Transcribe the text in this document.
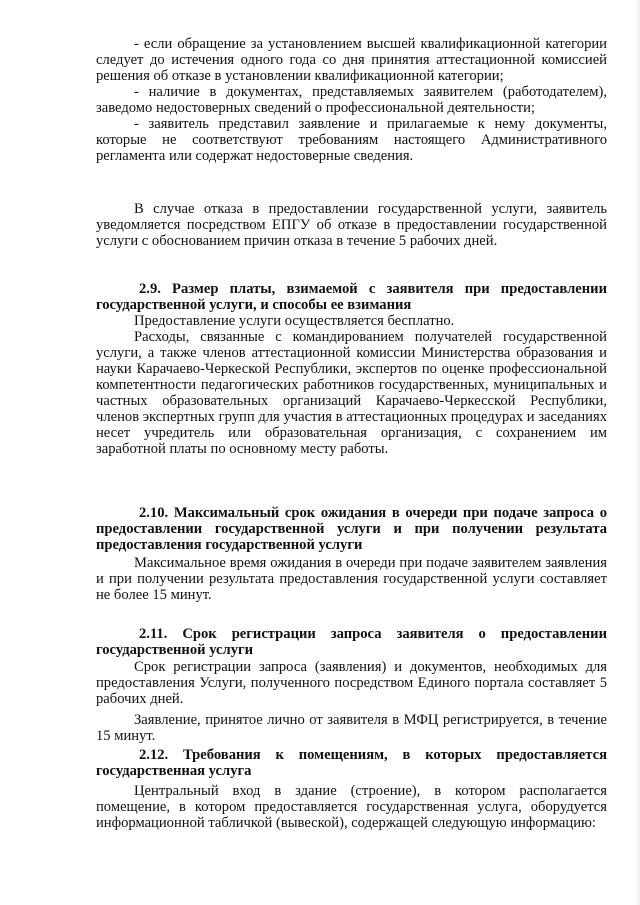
- если обращение за установлением высшей квалификационной категории следует до истечения одного года со дня принятия аттестационной комиссией решения об отказе в установлении квалификационной категории;

- наличие в документах, представляемых заявителем (работодателем), заведомо недостоверных сведений о профессиональной деятельности;

- заявитель представил заявление и прилагаемые к нему документы, которые не соответствуют требованиям настоящего Административного регламента или содержат недостоверные сведения.

В случае отказа в предоставлении государственной услуги, заявитель уведомляется посредством ЕПГУ об отказе в предоставлении государственной услуги с обоснованием причин отказа в течение 5 рабочих дней.

2.9. Размер платы, взимаемой с заявителя при предоставлении государственной услуги, и способы ее взимания

Предоставление услуги осуществляется бесплатно.

Расходы, связанные с командированием получателей государственной услуги, а также членов аттестационной комиссии Министерства образования и науки Карачаево-Черкеской Республики, экспертов по оценке профессиональной компетентности педагогических работников государственных, муниципальных и частных образовательных организаций Карачаево-Черкесской Республики, членов экспертных групп для участия в аттестационных процедурах и заседаниях несет учредитель или образовательная организация, с сохранением им заработной платы по основному месту работы.

2.10. Максимальный срок ожидания в очереди при подаче запроса о предоставлении государственной услуги и при получении результата предоставления государственной услуги

Максимальное время ожидания в очереди при подаче заявителем заявления и при получении результата предоставления государственной услуги составляет не более 15 минут.

2.11. Срок регистрации запроса заявителя о предоставлении государственной услуги

Срок регистрации запроса (заявления) и документов, необходимых для предоставления Услуги, полученного посредством Единого портала составляет 5 рабочих дней.

Заявление, принятое лично от заявителя в МФЦ регистрируется, в течение 15 минут.

2.12. Требования к помещениям, в которых предоставляется государственная услуга

Центральный вход в здание (строение), в котором располагается помещение, в котором предоставляется государственная услуга, оборудуется информационной табличкой (вывеской), содержащей следующую информацию:
